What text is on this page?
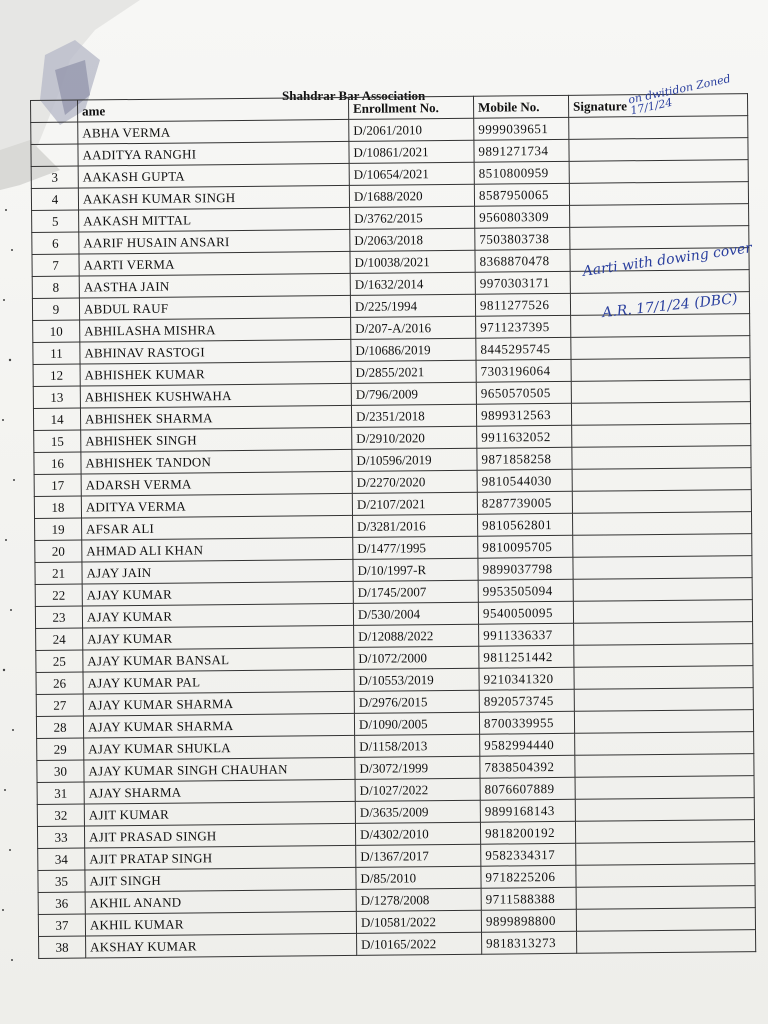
Shahdrar Bar Association
	ame	Enrollment No.	Mobile No.	Signature
	ABHA VERMA	D/2061/2010	9999039651	
	AADITYA RANGHI	D/10861/2021	9891271734	
3	AAKASH GUPTA	D/10654/2021	8510800959	
4	AAKASH KUMAR SINGH	D/1688/2020	8587950065	
5	AAKASH MITTAL	D/3762/2015	9560803309	
6	AARIF HUSAIN ANSARI	D/2063/2018	7503803738	
7	AARTI VERMA	D/10038/2021	8368870478	
8	AASTHA JAIN	D/1632/2014	9970303171	
9	ABDUL RAUF	D/225/1994	9811277526	
10	ABHILASHA MISHRA	D/207-A/2016	9711237395	
11	ABHINAV RASTOGI	D/10686/2019	8445295745	
12	ABHISHEK KUMAR	D/2855/2021	7303196064	
13	ABHISHEK KUSHWAHA	D/796/2009	9650570505	
14	ABHISHEK SHARMA	D/2351/2018	9899312563	
15	ABHISHEK SINGH	D/2910/2020	9911632052	
16	ABHISHEK TANDON	D/10596/2019	9871858258	
17	ADARSH VERMA	D/2270/2020	9810544030	
18	ADITYA VERMA	D/2107/2021	8287739005	
19	AFSAR ALI	D/3281/2016	9810562801	
20	AHMAD ALI KHAN	D/1477/1995	9810095705	
21	AJAY JAIN	D/10/1997-R	9899037798	
22	AJAY KUMAR	D/1745/2007	9953505094	
23	AJAY KUMAR	D/530/2004	9540050095	
24	AJAY KUMAR	D/12088/2022	9911336337	
25	AJAY KUMAR BANSAL	D/1072/2000	9811251442	
26	AJAY KUMAR PAL	D/10553/2019	9210341320	
27	AJAY KUMAR SHARMA	D/2976/2015	8920573745	
28	AJAY KUMAR SHARMA	D/1090/2005	8700339955	
29	AJAY KUMAR SHUKLA	D/1158/2013	9582994440	
30	AJAY KUMAR SINGH CHAUHAN	D/3072/1999	7838504392	
31	AJAY SHARMA	D/1027/2022	8076607889	
32	AJIT KUMAR	D/3635/2009	9899168143	
33	AJIT PRASAD SINGH	D/4302/2010	9818200192	
34	AJIT PRATAP SINGH	D/1367/2017	9582334317	
35	AJIT SINGH	D/85/2010	9718225206	
36	AKHIL ANAND	D/1278/2008	9711588388	
37	AKHIL KUMAR	D/10581/2022	9899898800	
38	AKSHAY KUMAR	D/10165/2022	9818313273	
on dwitidon Zoned 17/1/24
Aarti with dowing cover
A.R. 17/1/24 (DBC)
